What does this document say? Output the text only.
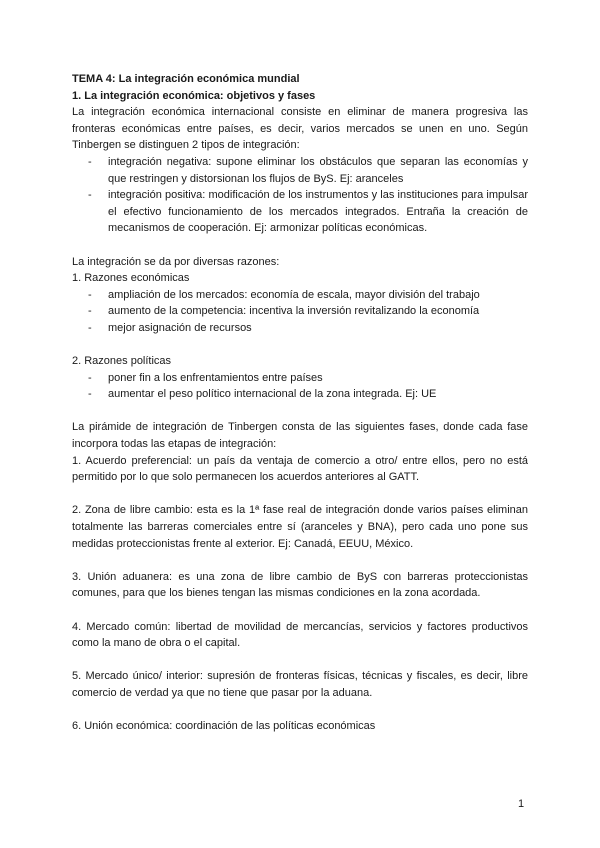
TEMA 4: La integración económica mundial

1. La integración económica: objetivos y fases

La integración económica internacional consiste en eliminar de manera progresiva las fronteras económicas entre países, es decir, varios mercados se unen en uno. Según Tinbergen se distinguen 2 tipos de integración:

- integración negativa: supone eliminar los obstáculos que separan las economías y que restringen y distorsionan los flujos de ByS. Ej: aranceles
- integración positiva: modificación de los instrumentos y las instituciones para impulsar el efectivo funcionamiento de los mercados integrados. Entraña la creación de mecanismos de cooperación. Ej: armonizar políticas económicas.

La integración se da por diversas razones:

1. Razones económicas

- ampliación de los mercados: economía de escala, mayor división del trabajo
- aumento de la competencia: incentiva la inversión revitalizando la economía
- mejor asignación de recursos

2. Razones políticas

- poner fin a los enfrentamientos entre países
- aumentar el peso político internacional de la zona integrada. Ej: UE

La pirámide de integración de Tinbergen consta de las siguientes fases, donde cada fase incorpora todas las etapas de integración:

1. Acuerdo preferencial: un país da ventaja de comercio a otro/ entre ellos, pero no está permitido por lo que solo permanecen los acuerdos anteriores al GATT.

2. Zona de libre cambio: esta es la 1ª fase real de integración donde varios países eliminan totalmente las barreras comerciales entre sí (aranceles y BNA), pero cada uno pone sus medidas proteccionistas frente al exterior. Ej: Canadá, EEUU, México.

3. Unión aduanera: es una zona de libre cambio de ByS con barreras proteccionistas comunes, para que los bienes tengan las mismas condiciones en la zona acordada.

4. Mercado común: libertad de movilidad de mercancías, servicios y factores productivos como la mano de obra o el capital.

5. Mercado único/ interior: supresión de fronteras físicas, técnicas y fiscales, es decir, libre comercio de verdad ya que no tiene que pasar por la aduana.

6. Unión económica: coordinación de las políticas económicas

1
